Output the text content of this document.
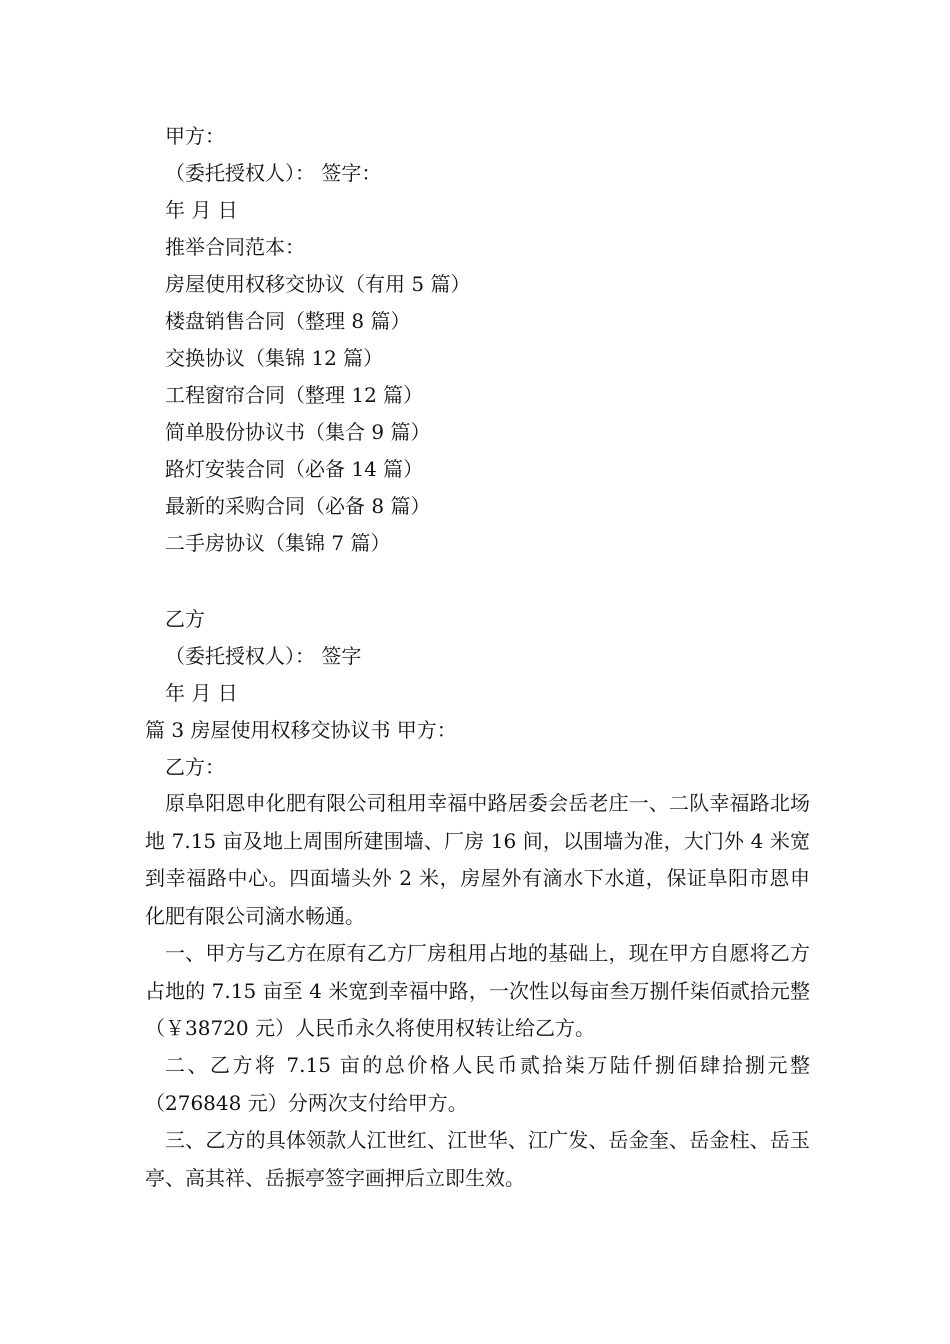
甲方：
（委托授权人）： 签字：
年 月 日
推举合同范本：
房屋使用权移交协议（有用 5 篇）
楼盘销售合同（整理 8 篇）
交换协议（集锦 12 篇）
工程窗帘合同（整理 12 篇）
简单股份协议书（集合 9 篇）
路灯安装合同（必备 14 篇）
最新的采购合同（必备 8 篇）
二手房协议（集锦 7 篇）
乙方
（委托授权人）： 签字
年 月 日
篇 3 房屋使用权移交协议书 甲方：
乙方：

原阜阳恩申化肥有限公司租用幸福中路居委会岳老庄一、二队幸福路北场地 7.15 亩及地上周围所建围墙、厂房 16 间，以围墙为准，大门外 4 米宽到幸福路中心。四面墙头外 2 米，房屋外有滴水下水道，保证阜阳市恩申化肥有限公司滴水畅通。

一、甲方与乙方在原有乙方厂房租用占地的基础上，现在甲方自愿将乙方占地的 7.15 亩至 4 米宽到幸福中路，一次性以每亩叁万捌仟柒佰贰拾元整（￥38720 元）人民币永久将使用权转让给乙方。

二、乙方将 7.15 亩的总价格人民币贰拾柒万陆仟捌佰肆拾捌元整（276848 元）分两次支付给甲方。

三、乙方的具体领款人江世红、江世华、江广发、岳金奎、岳金柱、岳玉亭、高其祥、岳振亭签字画押后立即生效。
